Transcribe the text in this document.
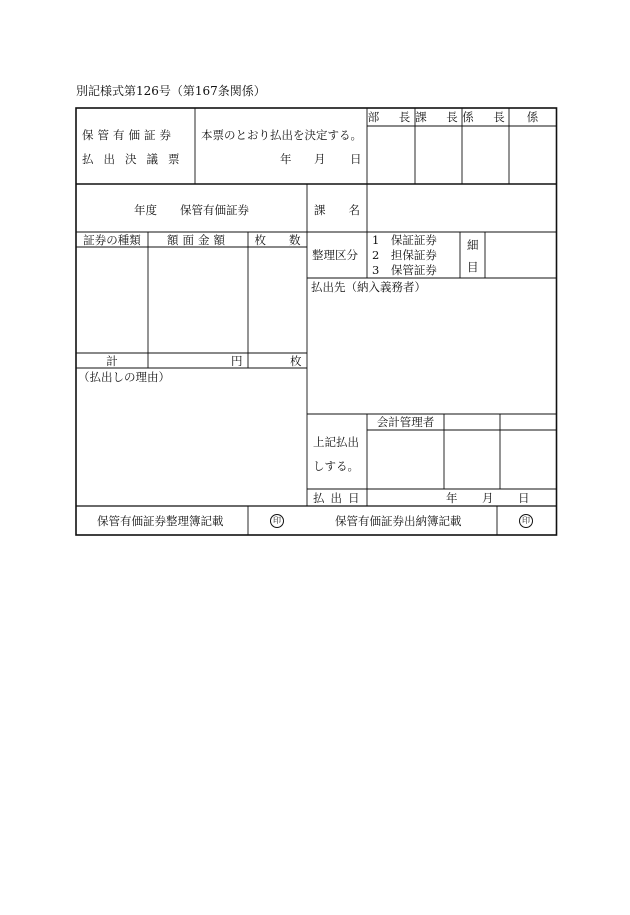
別記様式第126号（第167条関係）
保管有価証券
払出決議票
本票のとおり払出を決定する。
年 月 日
部　長 課　長 係　長	係
年度 保管有価証券	課　　名
証券の種類	額面金額	枚　　数
計	円	枚
（払出しの理由）
整理区分
1　保証証券
2　担保証券
3　保管証券
細
目
払出先（納入義務者）
会計管理者
上記払出
しする。
払出日	年 月 日
保管有価証券整理簿記載	印	保管有価証券出納簿記載	印
